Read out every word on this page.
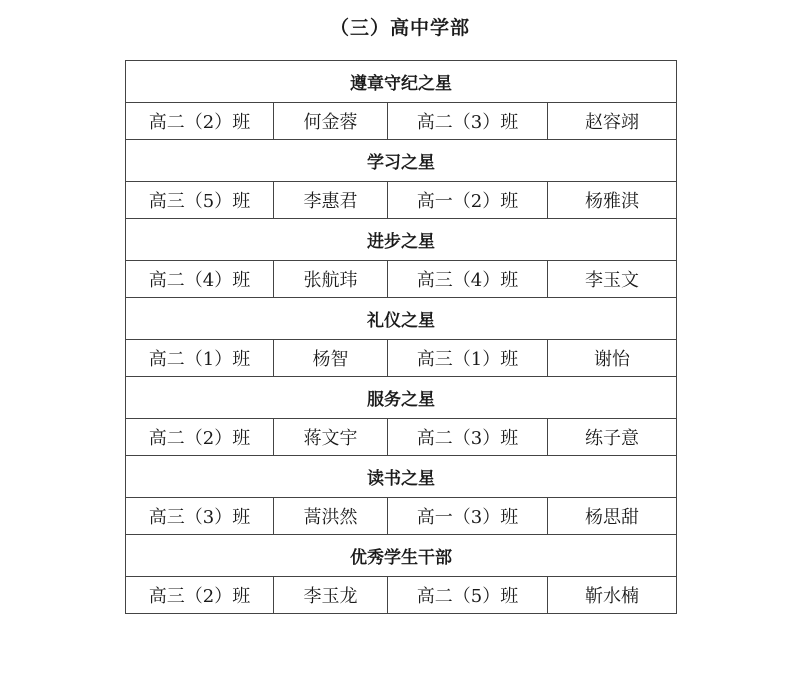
（三）高中学部
遵章守纪之星			
高二（2）班	何金蓉	高二（3）班	赵容翊
学习之星			
高三（5）班	李惠君	高一（2）班	杨雅淇
进步之星			
高二（4）班	张航玮	高三（4）班	李玉文
礼仪之星			
高二（1）班	杨智	高三（1）班	谢怡
服务之星			
高二（2）班	蒋文宇	高二（3）班	练子意
读书之星			
高三（3）班	蒿洪然	高一（3）班	杨思甜
优秀学生干部			
高三（2）班	李玉龙	高二（5）班	靳水楠
